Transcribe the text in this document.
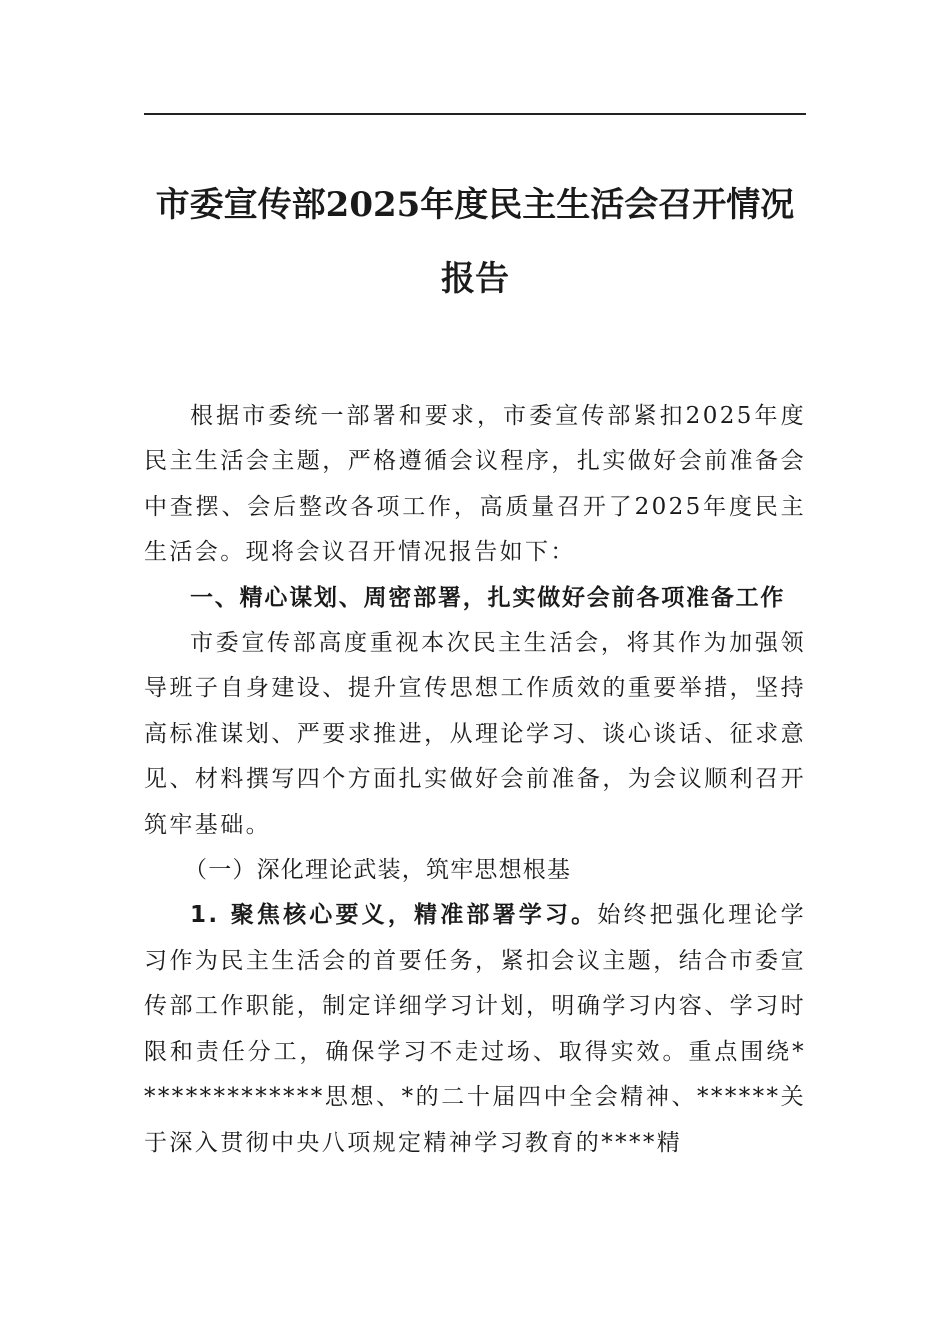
市委宣传部2025年度民主生活会召开情况
报告

根据市委统一部署和要求，市委宣传部紧扣2025年度民主生活会主题，严格遵循会议程序，扎实做好会前准备会中查摆、会后整改各项工作，高质量召开了2025年度民主生活会。现将会议召开情况报告如下：

一、精心谋划、周密部署，扎实做好会前各项准备工作

市委宣传部高度重视本次民主生活会，将其作为加强领导班子自身建设、提升宣传思想工作质效的重要举措，坚持高标准谋划、严要求推进，从理论学习、谈心谈话、征求意见、材料撰写四个方面扎实做好会前准备，为会议顺利召开筑牢基础。

（一）深化理论武装，筑牢思想根基

1. 聚焦核心要义，精准部署学习。始终把强化理论学习作为民主生活会的首要任务，紧扣会议主题，结合市委宣传部工作职能，制定详细学习计划，明确学习内容、学习时限和责任分工，确保学习不走过场、取得实效。重点围绕**************思想、*的二十届四中全会精神、******关于深入贯彻中央八项规定精神学习教育的****精
